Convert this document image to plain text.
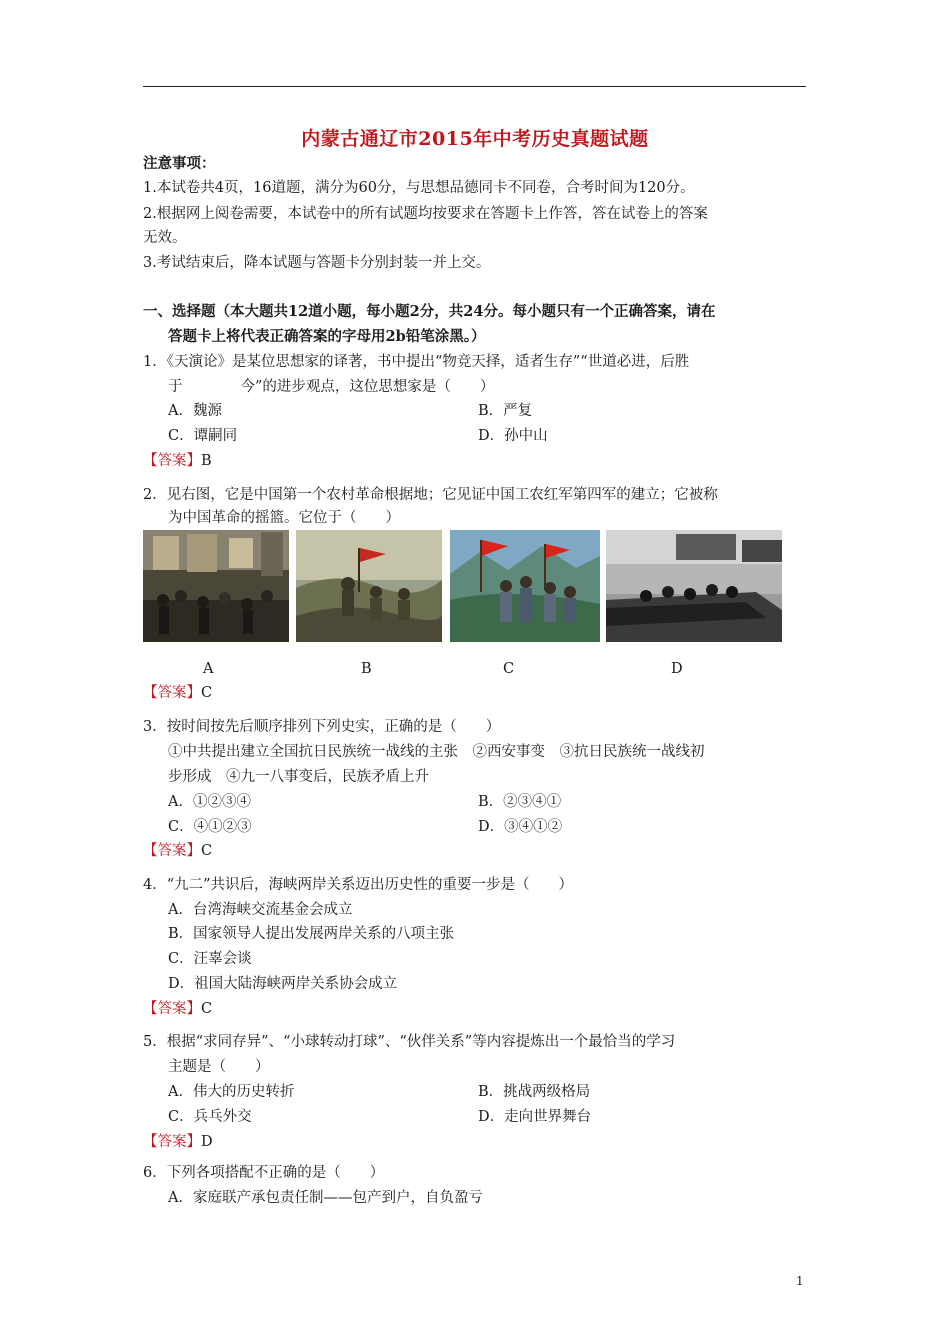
内蒙古通辽市2015年中考历史真题试题
注意事项：
1.本试卷共4页，16道题，满分为60分，与思想品德同卡不同卷，合考时间为120分。
2.根据网上阅卷需要，本试卷中的所有试题均按要求在答题卡上作答，答在试卷上的答案
无效。
3.考试结束后，降本试题与答题卡分别封装一并上交。
一、选择题（本大题共12道小题，每小题2分，共24分。每小题只有一个正确答案，请在
答题卡上将代表正确答案的字母用2b铅笔涂黑。）
1．《天演论》是某位思想家的译著，书中提出“物竞天择，适者生存”“世道必进，后胜
于　　　　今”的进步观点，这位思想家是（　　）
A．魏源	B．严复
C．谭嗣同	D．孙中山
【答案】B
2．见右图，它是中国第一个农村革命根据地；它见证中国工农红军第四军的建立；它被称
为中国革命的摇篮。它位于（　　）
A	B	C	D
【答案】C
3．按时间按先后顺序排列下列史实，正确的是（　　）
①中共提出建立全国抗日民族统一战线的主张　②西安事变　③抗日民族统一战线初
步形成　④九一八事变后，民族矛盾上升
A．①②③④	B．②③④①
C．④①②③	D．③④①②
【答案】C
4．“九二”共识后，海峡两岸关系迈出历史性的重要一步是（　　）
A．台湾海峡交流基金会成立
B．国家领导人提出发展两岸关系的八项主张
C．汪辜会谈
D．祖国大陆海峡两岸关系协会成立
【答案】C
5．根据“求同存异”、“小球转动打球”、“伙伴关系”等内容提炼出一个最恰当的学习
主题是（　　）
A．伟大的历史转折	B．挑战两级格局
C．兵乓外交	D．走向世界舞台
【答案】D
6．下列各项搭配不正确的是（　　）
A．家庭联产承包责任制——包产到户，自负盈亏
1
